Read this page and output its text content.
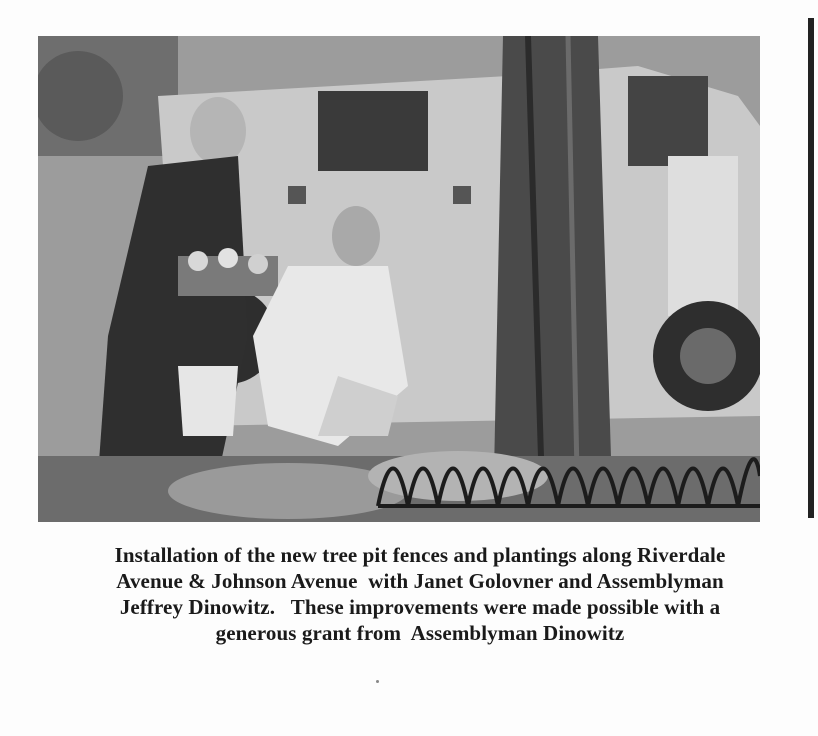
Installation of the new tree pit fences and plantings along Riverdale
Avenue & Johnson Avenue  with Janet Golovner and Assemblyman
Jeffrey Dinowitz.   These improvements were made possible with a
generous grant from  Assemblyman Dinowitz
